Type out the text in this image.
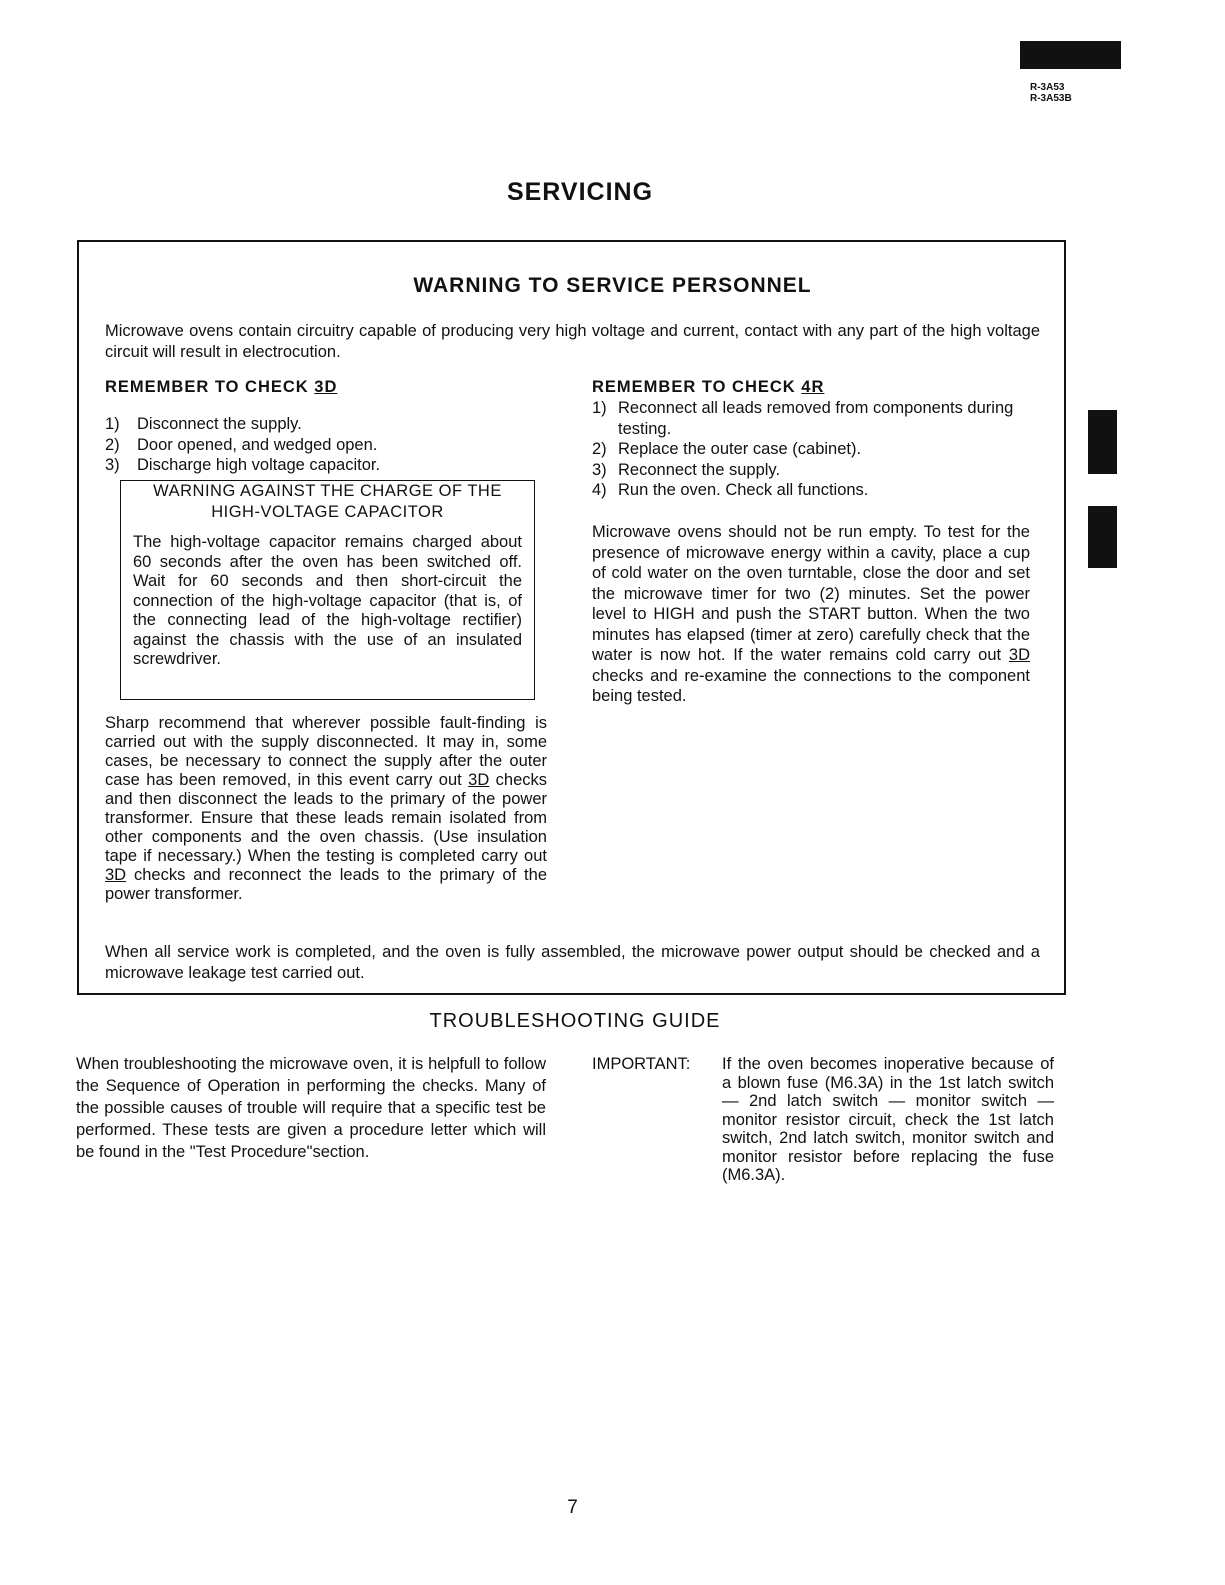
R-3A53
R-3A53B
SERVICING
WARNING TO SERVICE PERSONNEL
Microwave ovens contain circuitry capable of producing very high voltage and current, contact with any part of the high voltage circuit will result in electrocution.
REMEMBER TO CHECK 3D
1) Disconnect the supply.
2) Door opened, and wedged open.
3) Discharge high voltage capacitor.
WARNING AGAINST THE CHARGE OF THE
HIGH-VOLTAGE CAPACITOR
The high-voltage capacitor remains charged about 60 seconds after the oven has been switched off. Wait for 60 seconds and then short-circuit the connection of the high-voltage capacitor (that is, of the connecting lead of the high-voltage rectifier) against the chassis with the use of an insulated screwdriver.
Sharp recommend that wherever possible fault-finding is carried out with the supply disconnected. It may in, some cases, be necessary to connect the supply after the outer case has been removed, in this event carry out 3D checks and then disconnect the leads to the primary of the power transformer. Ensure that these leads remain isolated from other components and the oven chassis. (Use insulation tape if necessary.) When the testing is completed carry out 3D checks and reconnect the leads to the primary of the power transformer.
REMEMBER TO CHECK 4R
1) Reconnect all leads removed from components during testing.
2) Replace the outer case (cabinet).
3) Reconnect the supply.
4) Run the oven. Check all functions.
Microwave ovens should not be run empty. To test for the presence of microwave energy within a cavity, place a cup of cold water on the oven turntable, close the door and set the microwave timer for two (2) minutes. Set the power level to HIGH and push the START button. When the two minutes has elapsed (timer at zero) carefully check that the water is now hot. If the water remains cold carry out 3D checks and re-examine the connections to the component being tested.
When all service work is completed, and the oven is fully assembled, the microwave power output should be checked and a microwave leakage test carried out.
TROUBLESHOOTING GUIDE
When troubleshooting the microwave oven, it is helpfull to follow the Sequence of Operation in performing the checks. Many of the possible causes of trouble will require that a specific test be performed. These tests are given a procedure letter which will be found in the "Test Procedure"section.
IMPORTANT: If the oven becomes inoperative because of a blown fuse (M6.3A) in the 1st latch switch — 2nd latch switch — monitor switch — monitor resistor circuit, check the 1st latch switch, 2nd latch switch, monitor switch and monitor resistor before replacing the fuse (M6.3A).
7
